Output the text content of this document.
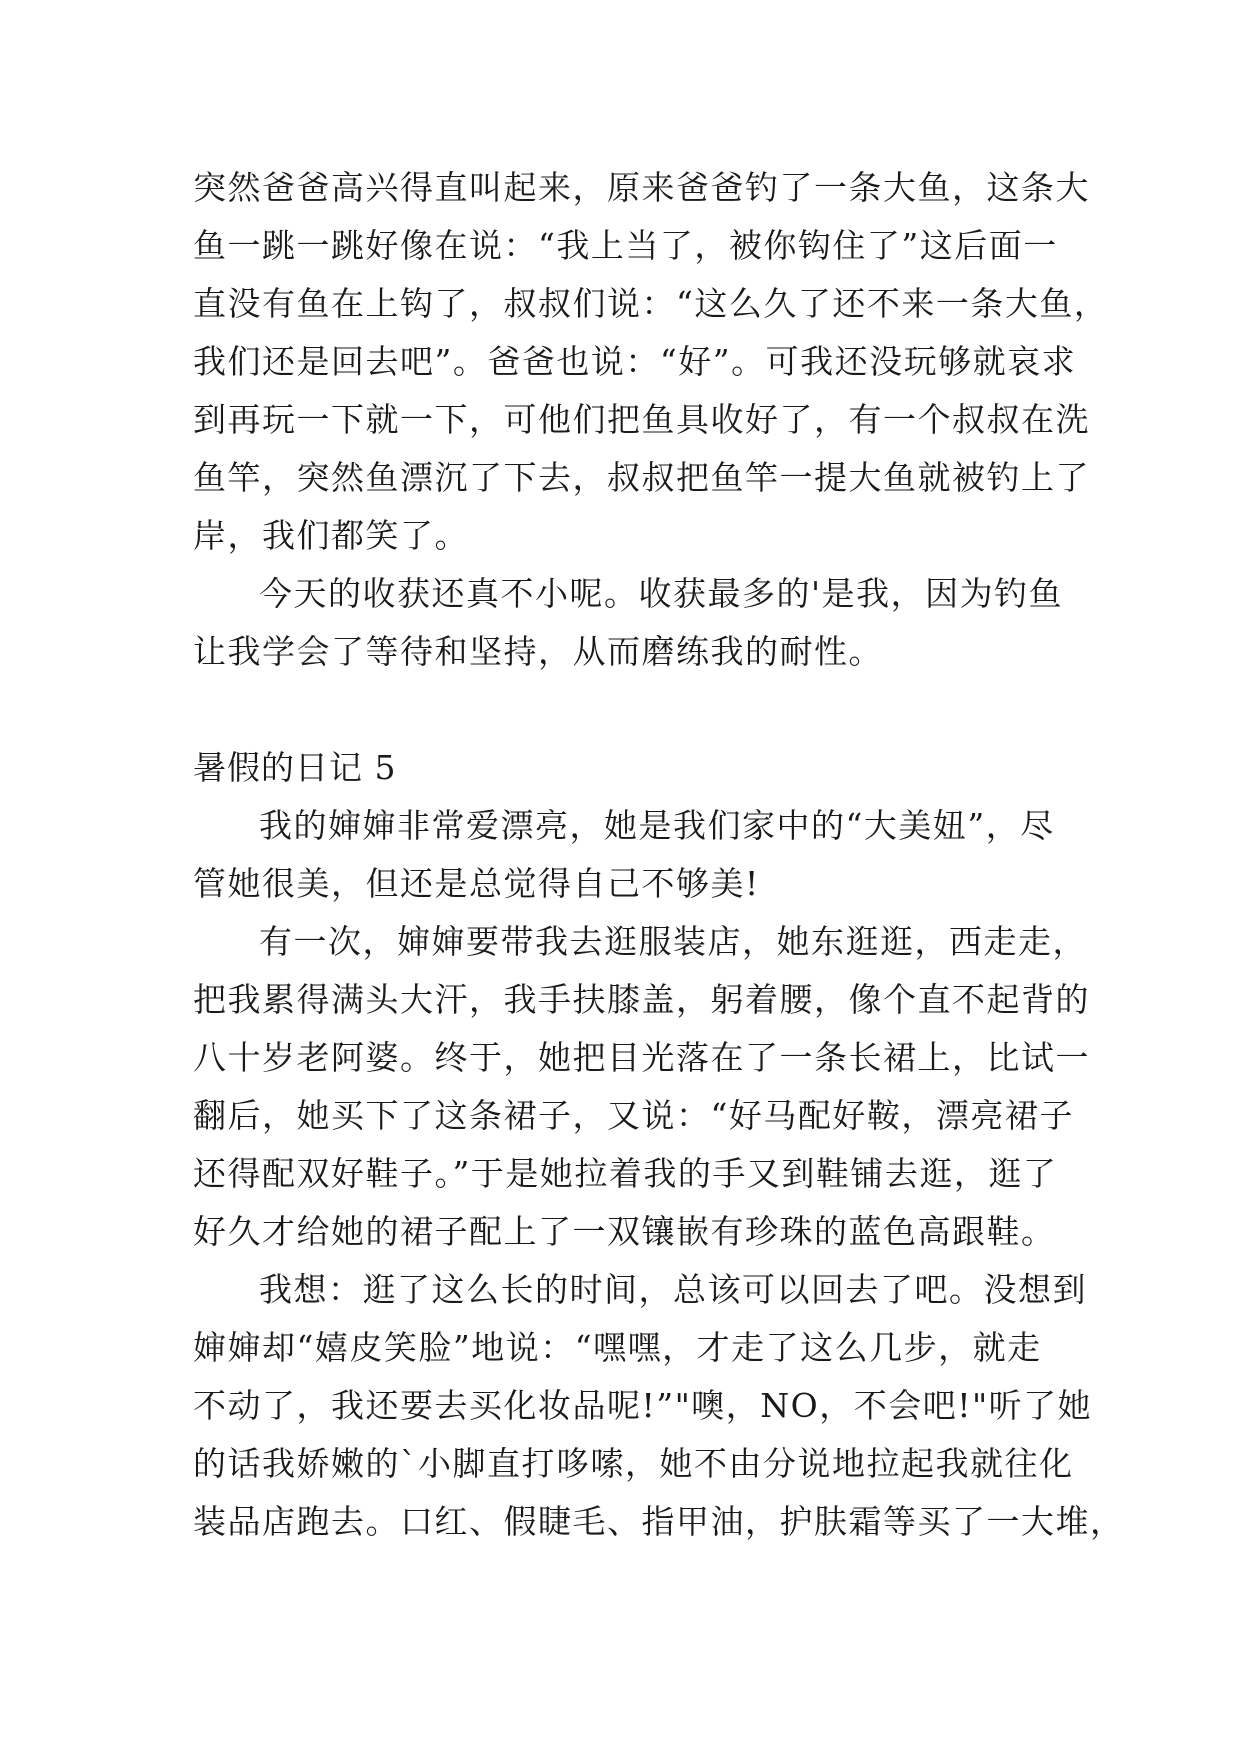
突然爸爸高兴得直叫起来，原来爸爸钓了一条大鱼，这条大
鱼一跳一跳好像在说：“我上当了，被你钩住了”这后面一
直没有鱼在上钩了，叔叔们说：“这么久了还不来一条大鱼，
我们还是回去吧”。爸爸也说：“好”。可我还没玩够就哀求
到再玩一下就一下，可他们把鱼具收好了，有一个叔叔在洗
鱼竿，突然鱼漂沉了下去，叔叔把鱼竿一提大鱼就被钓上了
岸，我们都笑了。
今天的收获还真不小呢。收获最多的'是我，因为钓鱼
让我学会了等待和坚持，从而磨练我的耐性。
暑假的日记 5
我的婶婶非常爱漂亮，她是我们家中的“大美妞”，尽
管她很美，但还是总觉得自己不够美!
有一次，婶婶要带我去逛服装店，她东逛逛，西走走，
把我累得满头大汗，我手扶膝盖，躬着腰，像个直不起背的
八十岁老阿婆。终于，她把目光落在了一条长裙上，比试一
翻后，她买下了这条裙子，又说：“好马配好鞍，漂亮裙子
还得配双好鞋子。”于是她拉着我的手又到鞋铺去逛，逛了
好久才给她的裙子配上了一双镶嵌有珍珠的蓝色高跟鞋。
我想：逛了这么长的时间，总该可以回去了吧。没想到
婶婶却“嬉皮笑脸”地说：“嘿嘿，才走了这么几步，就走
不动了，我还要去买化妆品呢!”"噢，NO，不会吧!"听了她
的话我娇嫩的`小脚直打哆嗦，她不由分说地拉起我就往化
装品店跑去。口红、假睫毛、指甲油，护肤霜等买了一大堆，
